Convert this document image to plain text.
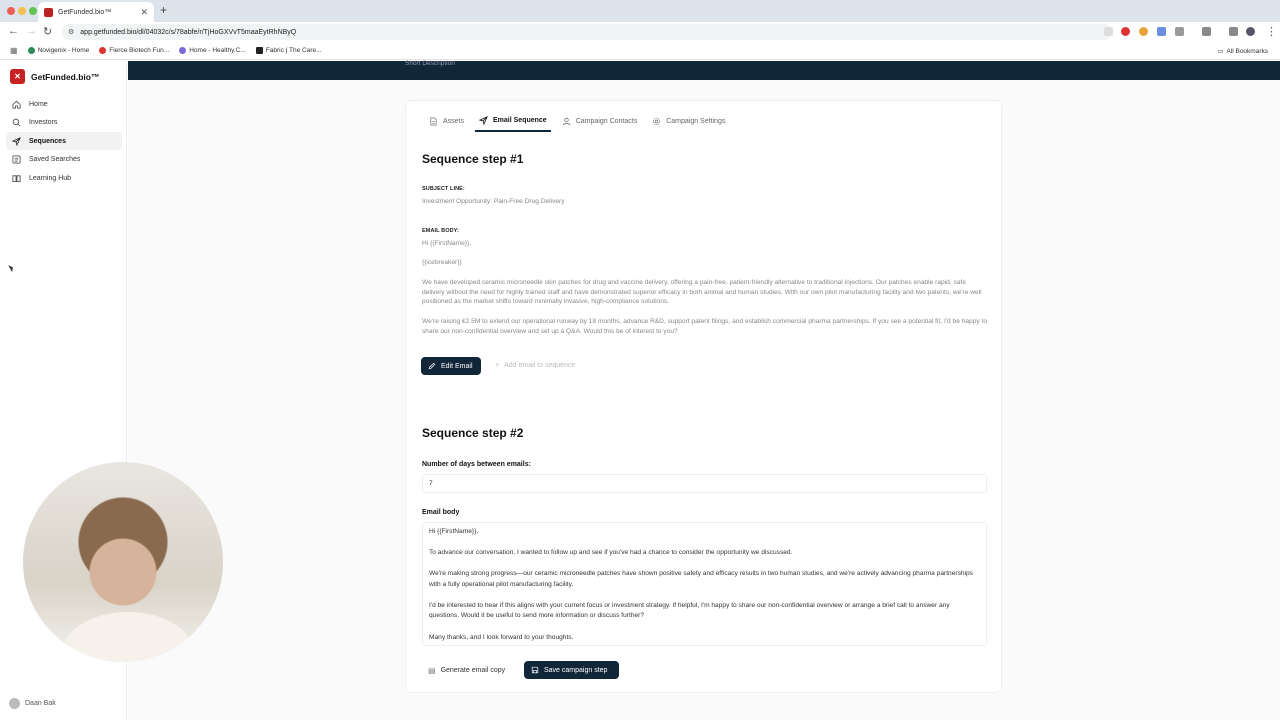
GetFunded.bio™	✕ +
← → ↻ ⚙ app.getfunded.bio/dl/04032c/s/78abfe/r/TjHoGXVvT5maaEytRhNByQ	⋮
▦	Novigenix - Home	Fierce Biotech Fun...	Home - Healthy.C...	Fabric | The Care...	▭ All Bookmarks
✕	GetFunded.bio™
Home
Investors
Sequences
Saved Searches
Learning Hub
Daan Bak
Short Description
Assets	Email Sequence	Campaign Contacts	Campaign Settings
Sequence step #1
SUBJECT LINE:
Investment Opportunity: Pain-Free Drug Delivery
EMAIL BODY:
Hi {{FirstName}},
{{icebreaker}}
We have developed ceramic microneedle skin patches for drug and vaccine delivery, offering a pain-free, patient-friendly alternative to traditional injections. Our patches enable rapid, safe delivery without the need for highly trained staff and have demonstrated superior efficacy in both animal and human studies. With our own pilot manufacturing facility and two patents, we're well positioned as the market shifts toward minimally invasive, high-compliance solutions.
We're raising €2.5M to extend our operational runway by 18 months, advance R&D, support patent filings, and establish commercial pharma partnerships. If you see a potential fit, I'd be happy to share our non-confidential overview and set up a Q&A. Would this be of interest to you?
Edit Email	+ Add email to sequence
Sequence step #2
Number of days between emails:
7
Email body

Hi {{FirstName}},

To advance our conversation, I wanted to follow up and see if you've had a chance to consider the opportunity we discussed.

We're making strong progress—our ceramic microneedle patches have shown positive safety and efficacy results in two human studies, and we're actively advancing pharma partnerships with a fully operational pilot manufacturing facility.

I'd be interested to hear if this aligns with your current focus or investment strategy. If helpful, I'm happy to share our non-confidential overview or arrange a brief call to answer any questions. Would it be useful to send more information or discuss further?

Many thanks, and I look forward to your thoughts.

▤ Generate email copy	Save campaign step
